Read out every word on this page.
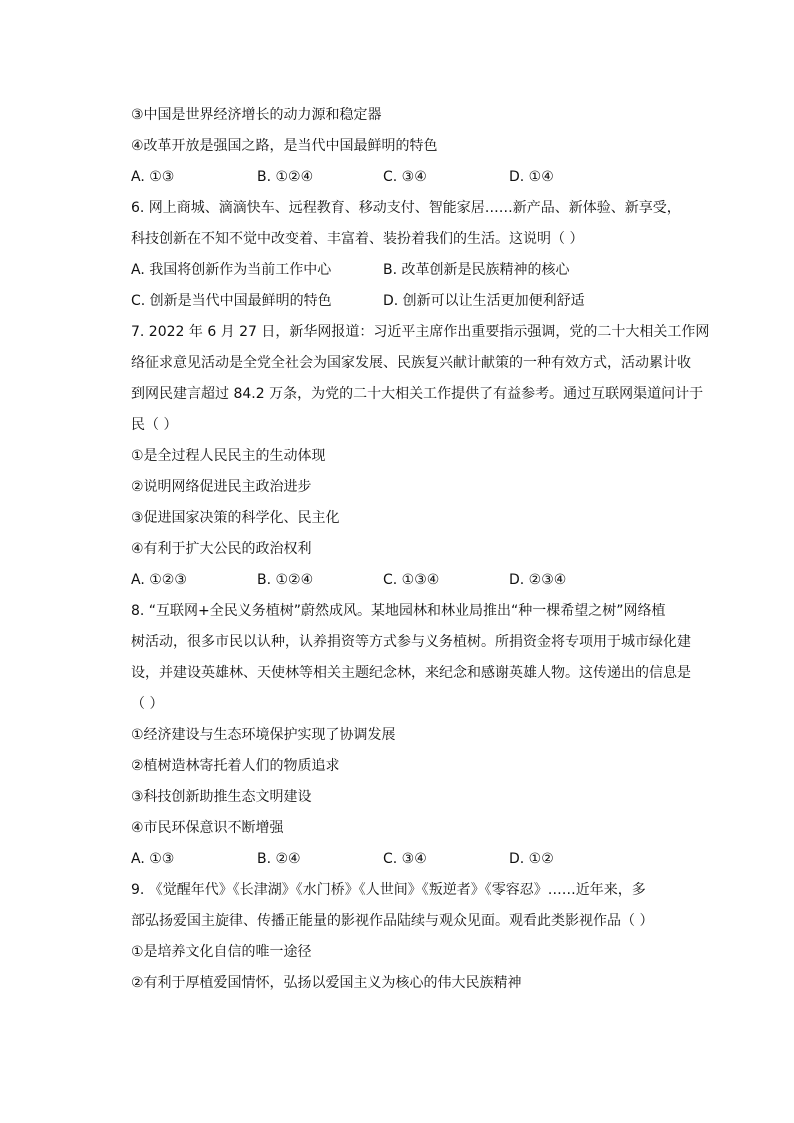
③中国是世界经济增长的动力源和稳定器
④改革开放是强国之路，是当代中国最鲜明的特色
A. ①③	B. ①②④	C. ③④	D. ①④
6. 网上商城、滴滴快车、远程教育、移动支付、智能家居……新产品、新体验、新享受，
科技创新在不知不觉中改变着、丰富着、装扮着我们的生活。这说明（ ）
A. 我国将创新作为当前工作中心	B. 改革创新是民族精神的核心
C. 创新是当代中国最鲜明的特色	D. 创新可以让生活更加便利舒适
7. 2022 年 6 月 27 日，新华网报道：习近平主席作出重要指示强调，党的二十大相关工作网
络征求意见活动是全党全社会为国家发展、民族复兴献计献策的一种有效方式，活动累计收
到网民建言超过 84.2 万条，为党的二十大相关工作提供了有益参考。通过互联网渠道问计于
民（ ）
①是全过程人民民主的生动体现
②说明网络促进民主政治进步
③促进国家决策的科学化、民主化
④有利于扩大公民的政治权利
A. ①②③	B. ①②④	C. ①③④	D. ②③④
8. “互联网+全民义务植树”蔚然成风。某地园林和林业局推出“种一棵希望之树”网络植
树活动，很多市民以认种，认养捐资等方式参与义务植树。所捐资金将专项用于城市绿化建
设，并建设英雄林、天使林等相关主题纪念林，来纪念和感谢英雄人物。这传递出的信息是
（ ）
①经济建设与生态环境保护实现了协调发展
②植树造林寄托着人们的物质追求
③科技创新助推生态文明建设
④市民环保意识不断增强
A. ①③	B. ②④	C. ③④	D. ①②
9. 《觉醒年代》《长津湖》《水门桥》《人世间》《叛逆者》《零容忍》……近年来，多
部弘扬爱国主旋律、传播正能量的影视作品陆续与观众见面。观看此类影视作品（ ）
①是培养文化自信的唯一途径
②有利于厚植爱国情怀，弘扬以爱国主义为核心的伟大民族精神
